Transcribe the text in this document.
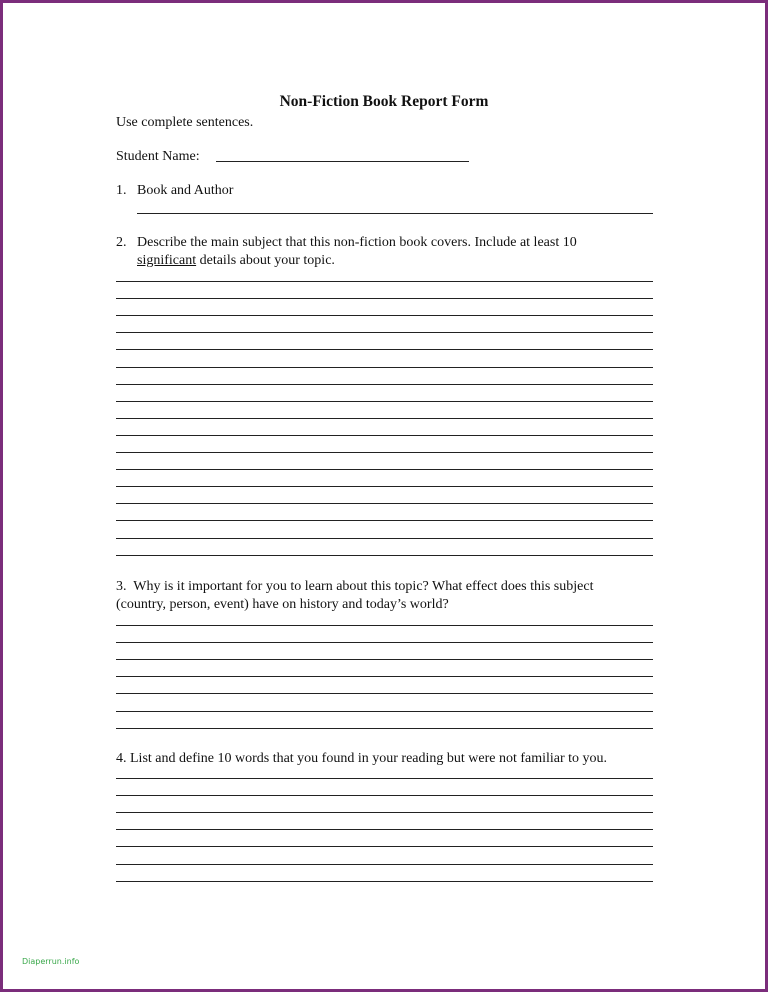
Non-Fiction Book Report Form
Use complete sentences.
Student Name:
1. Book and Author
2. Describe the main subject that this non-fiction book covers. Include at least 10
significant details about your topic.
3. Why is it important for you to learn about this topic? What effect does this subject
(country, person, event) have on history and today’s world?
4. List and define 10 words that you found in your reading but were not familiar to you.
Diaperrun.info
